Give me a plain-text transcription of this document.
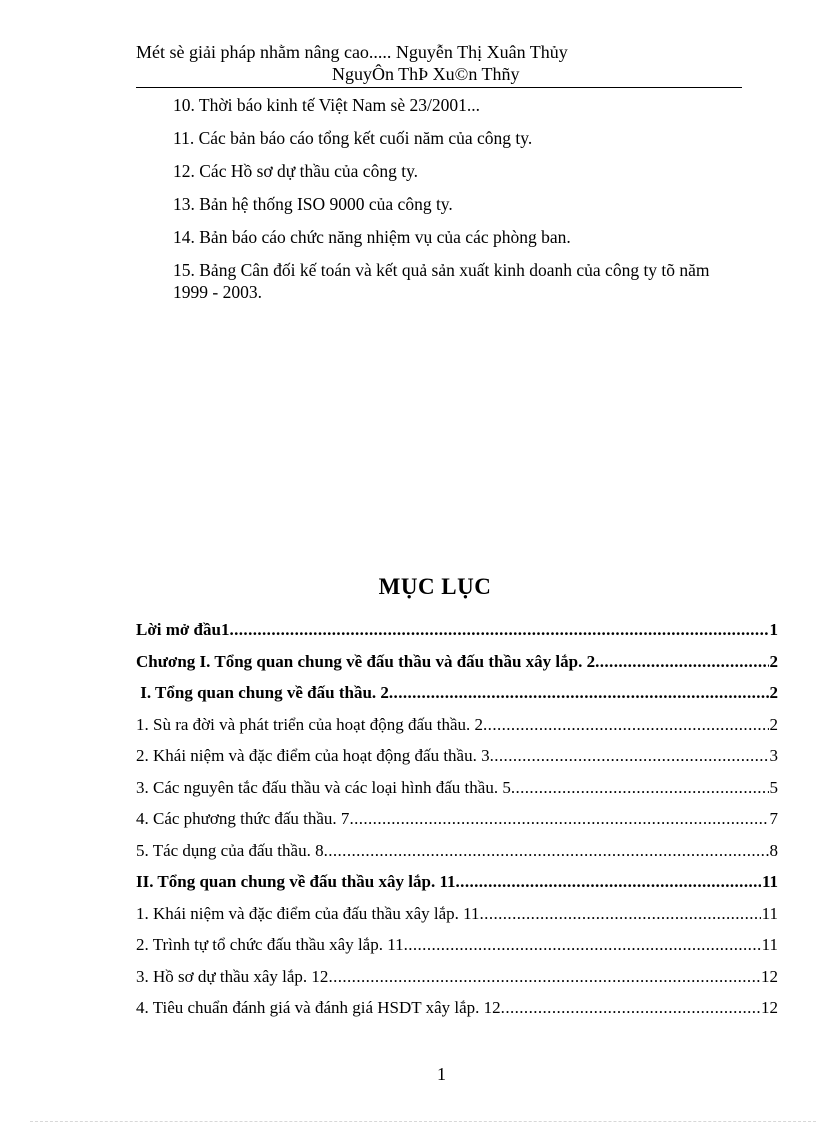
Mét sè giải pháp nhằm nâng cao..... Nguyễn Thị Xuân Thủy
NguyÔn ThÞ Xu©n Thñy
10. Thời báo kinh tế Việt Nam sè 23/2001...
11. Các bản báo cáo tổng kết cuối năm của công ty.
12. Các Hồ sơ dự thầu của công ty.
13. Bản hệ thống ISO 9000 của công ty.
14. Bản báo cáo chức năng nhiệm vụ của các phòng ban.
15. Bảng Cân đối kế toán và kết quả sản xuất kinh doanh của công ty tõ năm 1999 - 2003.
MỤC LỤC
Lời mở đầu1 .....	1
Chương I. Tổng quan chung về đấu thầu và đấu thầu xây lắp. 2 .....	2
I. Tổng quan chung về đấu thầu. 2 .....	2
1. Sù ra đời và phát triển của hoạt động đấu thầu. 2 .....	2
2. Khái niệm và đặc điểm của hoạt động đấu thầu. 3 .....	3
3. Các nguyên tắc đấu thầu và các loại hình đấu thầu. 5 .....	5
4. Các phương thức đấu thầu. 7 .....	7
5. Tác dụng của đấu thầu. 8 .....	8
II. Tổng quan chung về đấu thầu xây lắp. 11 .....	11
1. Khái niệm và đặc điểm của đấu thầu xây lắp. 11 .....	11
2. Trình tự tổ chức đấu thầu xây lắp. 11 .....	11
3. Hồ sơ dự thầu xây lắp. 12 .....	12
4. Tiêu chuẩn đánh giá và đánh giá HSDT xây lắp. 12 .....	12
1
